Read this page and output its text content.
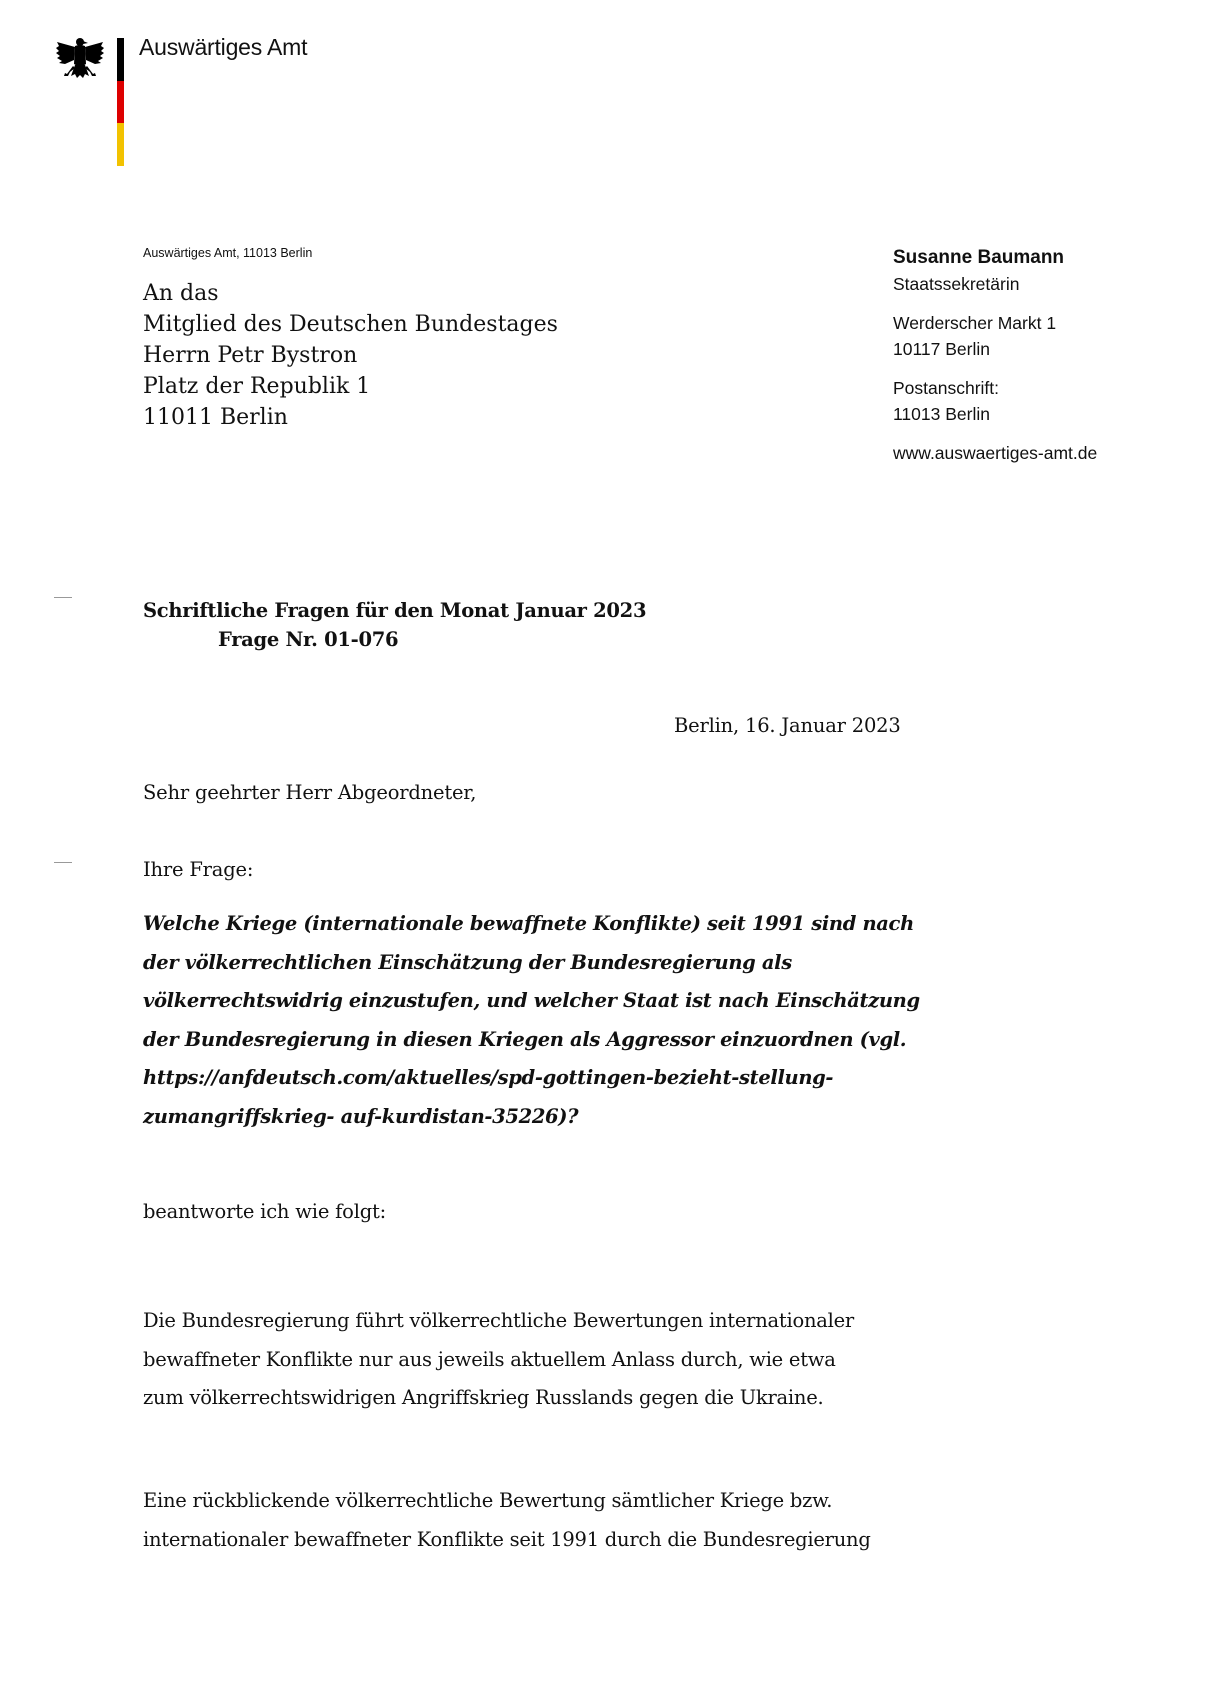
Auswärtiges Amt
Auswärtiges Amt, 11013 Berlin
An das
Mitglied des Deutschen Bundestages
Herrn Petr Bystron
Platz der Republik 1
11011 Berlin
Susanne Baumann
Staatssekretärin
Werderscher Markt 1
10117 Berlin
Postanschrift:
11013 Berlin
www.auswaertiges-amt.de
Schriftliche Fragen für den Monat Januar 2023
Frage Nr. 01-076
Berlin, 16. Januar 2023
Sehr geehrter Herr Abgeordneter,
Ihre Frage:
Welche Kriege (internationale bewaffnete Konflikte) seit 1991 sind nach
der völkerrechtlichen Einschätzung der Bundesregierung als
völkerrechtswidrig einzustufen, und welcher Staat ist nach Einschätzung
der Bundesregierung in diesen Kriegen als Aggressor einzuordnen (vgl.
https://anfdeutsch.com/aktuelles/spd-gottingen-bezieht-stellung-
zumangriffskrieg- auf-kurdistan-35226)?
beantworte ich wie folgt:
Die Bundesregierung führt völkerrechtliche Bewertungen internationaler
bewaffneter Konflikte nur aus jeweils aktuellem Anlass durch, wie etwa
zum völkerrechtswidrigen Angriffskrieg Russlands gegen die Ukraine.
Eine rückblickende völkerrechtliche Bewertung sämtlicher Kriege bzw.
internationaler bewaffneter Konflikte seit 1991 durch die Bundesregierung
